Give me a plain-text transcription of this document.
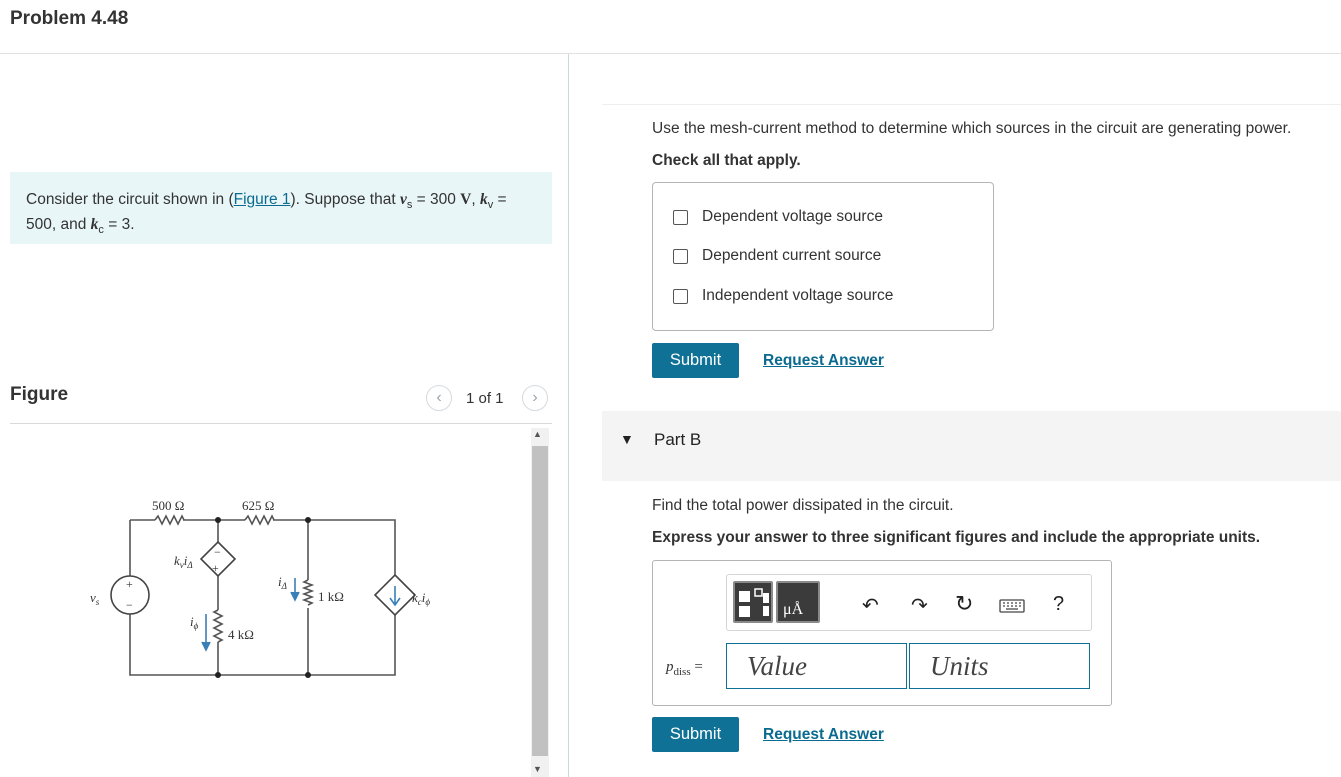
Problem 4.48
Consider the circuit shown in (Figure 1). Suppose that $v_s = 300$ V, $k_v = 500$, and $k_c = 3$.
Figure	‹ 1 of 1 ›
▲
▼
500 Ω	625 Ω
1 kΩ
4 kΩ
+
−
−
+
$v_s$
$k_vi_\Delta$
$k_ci_\phi$
$i_\Delta$
$i_\phi$
Use the mesh-current method to determine which sources in the circuit are generating power.
Check all that apply.
Dependent voltage source
Dependent current source
Independent voltage source
Submit	Request Answer
▼ Part B
Find the total power dissipated in the circuit.
Express your answer to three significant figures and include the appropriate units.
μÅ	↶ ↷ ↻	?
$p_{diss}$ =	Value	Units
Submit	Request Answer
